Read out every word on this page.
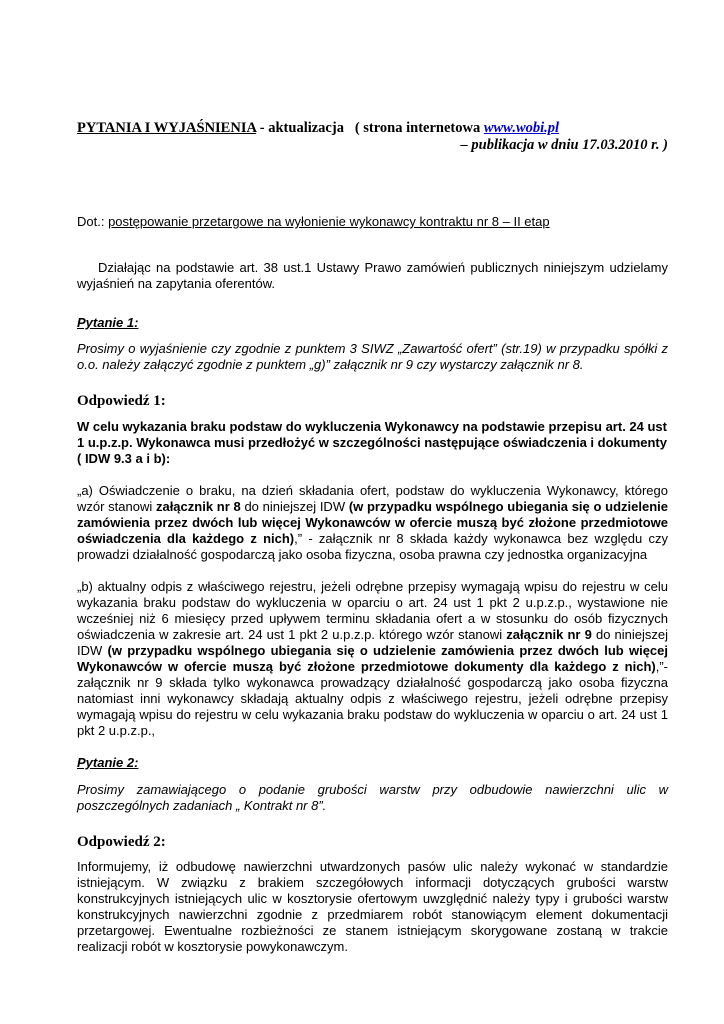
PYTANIA I WYJAŚNIENIA - aktualizacja ( strona internetowa www.wobi.pl
– publikacja w dniu 17.03.2010 r. )
Dot.: postępowanie przetargowe na wyłonienie wykonawcy kontraktu nr 8 – II etap
Działając na podstawie art. 38 ust.1 Ustawy Prawo zamówień publicznych niniejszym udzielamy wyjaśnień na zapytania oferentów.
Pytanie 1:
Prosimy o wyjaśnienie czy zgodnie z punktem 3 SIWZ „Zawartość ofert” (str.19) w przypadku spółki z o.o. należy załączyć zgodnie z punktem „g)” załącznik nr 9 czy wystarczy załącznik nr 8.
Odpowiedź 1:
W celu wykazania braku podstaw do wykluczenia Wykonawcy na podstawie przepisu art. 24 ust 1 u.p.z.p. Wykonawca musi przedłożyć w szczególności następujące oświadczenia i dokumenty ( IDW 9.3 a i b):
„a) Oświadczenie o braku, na dzień składania ofert, podstaw do wykluczenia Wykonawcy, którego wzór stanowi załącznik nr 8 do niniejszej IDW (w przypadku wspólnego ubiegania się o udzielenie zamówienia przez dwóch lub więcej Wykonawców w ofercie muszą być złożone przedmiotowe oświadczenia dla każdego z nich),” - załącznik nr 8 składa każdy wykonawca bez względu czy prowadzi działalność gospodarczą jako osoba fizyczna, osoba prawna czy jednostka organizacyjna
„b) aktualny odpis z właściwego rejestru, jeżeli odrębne przepisy wymagają wpisu do rejestru w celu wykazania braku podstaw do wykluczenia w oparciu o art. 24 ust 1 pkt 2 u.p.z.p., wystawione nie wcześniej niż 6 miesięcy przed upływem terminu składania ofert a w stosunku do osób fizycznych oświadczenia w zakresie art. 24 ust 1 pkt 2 u.p.z.p. którego wzór stanowi załącznik nr 9 do niniejszej IDW (w przypadku wspólnego ubiegania się o udzielenie zamówienia przez dwóch lub więcej Wykonawców w ofercie muszą być złożone przedmiotowe dokumenty dla każdego z nich),”- załącznik nr 9 składa tylko wykonawca prowadzący działalność gospodarczą jako osoba fizyczna natomiast inni wykonawcy składają aktualny odpis z właściwego rejestru, jeżeli odrębne przepisy wymagają wpisu do rejestru w celu wykazania braku podstaw do wykluczenia w oparciu o art. 24 ust 1 pkt 2 u.p.z.p.,
Pytanie 2:
Prosimy zamawiającego o podanie grubości warstw przy odbudowie nawierzchni ulic w poszczególnych zadaniach „ Kontrakt nr 8”.
Odpowiedź 2:
Informujemy, iż odbudowę nawierzchni utwardzonych pasów ulic należy wykonać w standardzie istniejącym. W związku z brakiem szczegółowych informacji dotyczących grubości warstw konstrukcyjnych istniejących ulic w kosztorysie ofertowym uwzględnić należy typy i grubości warstw konstrukcyjnych nawierzchni zgodnie z przedmiarem robót stanowiącym element dokumentacji przetargowej. Ewentualne rozbieżności ze stanem istniejącym skorygowane zostaną w trakcie realizacji robót w kosztorysie powykonawczym.
